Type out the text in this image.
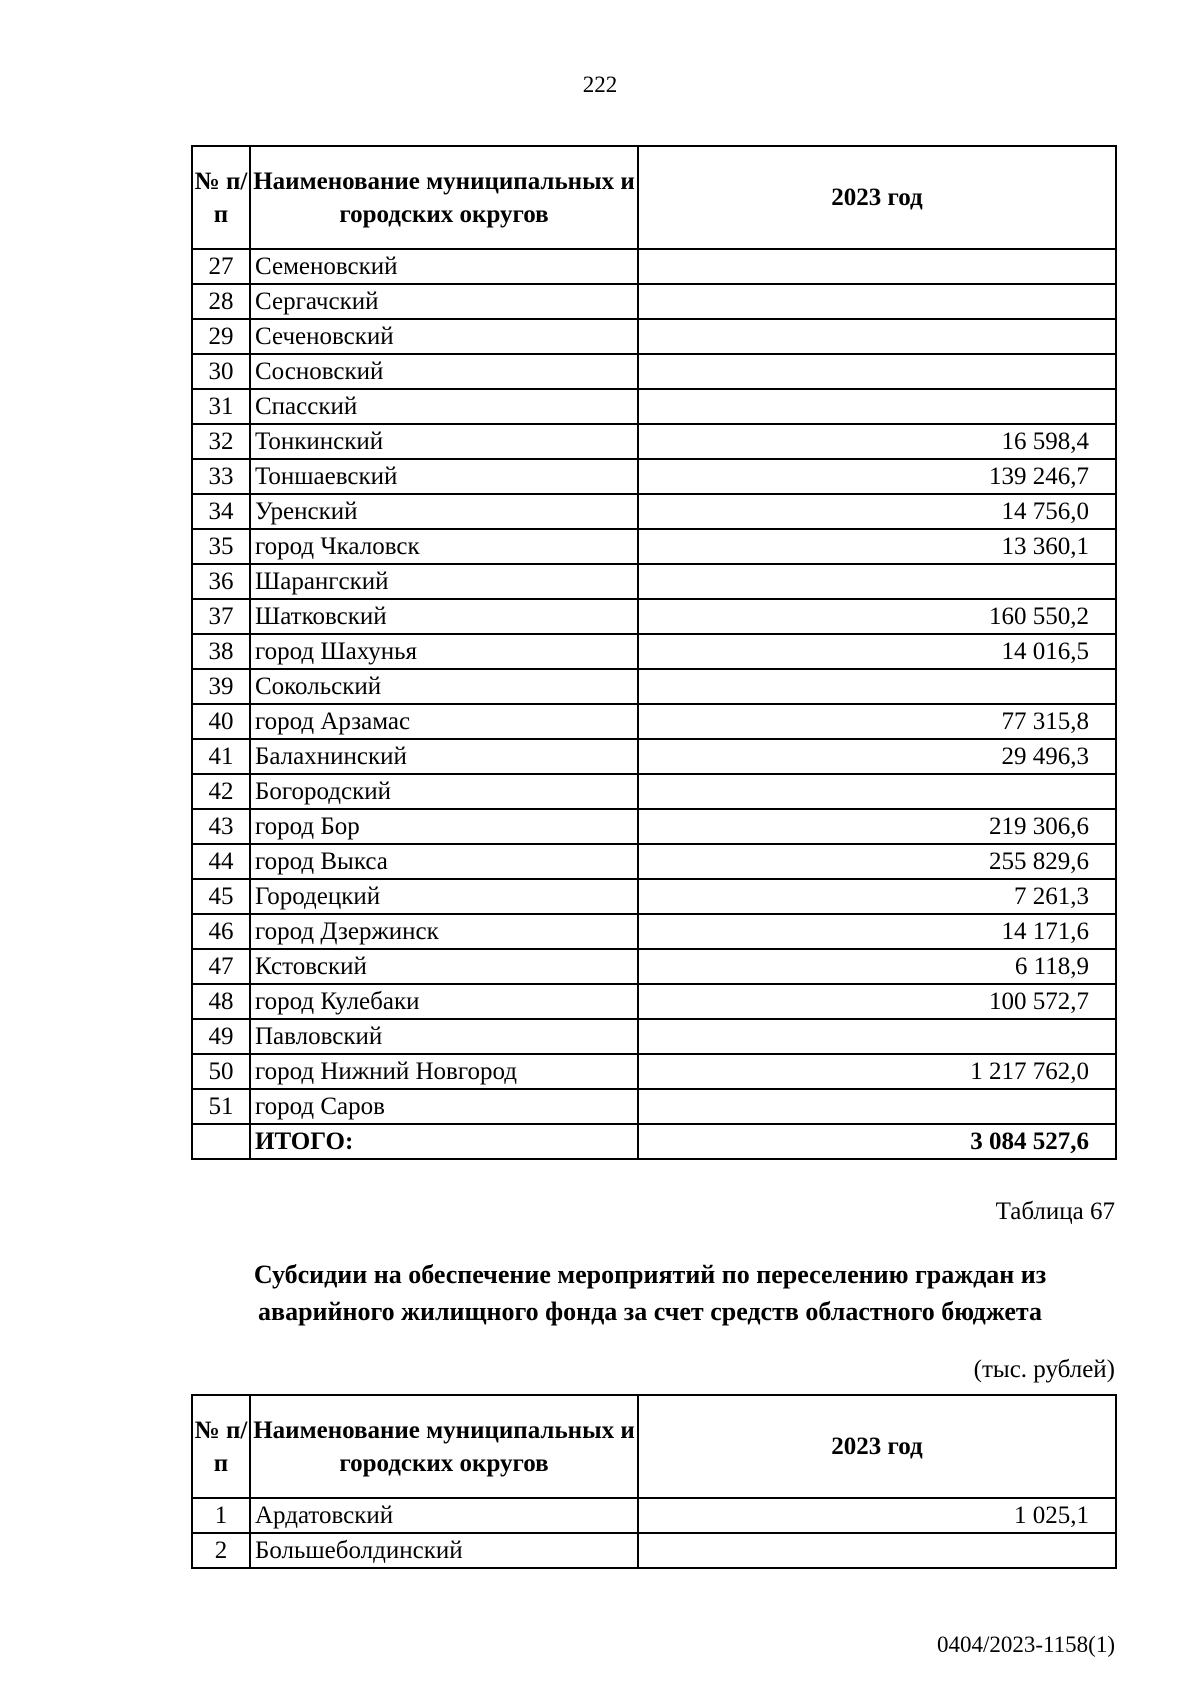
222
№ п/п	Наименование муниципальных и городских округов	2023 год
27	Семеновский	
28	Сергачский	
29	Сеченовский	
30	Сосновский	
31	Спасский	
32	Тонкинский	16 598,4
33	Тоншаевский	139 246,7
34	Уренский	14 756,0
35	город Чкаловск	13 360,1
36	Шарангский	
37	Шатковский	160 550,2
38	город Шахунья	14 016,5
39	Сокольский	
40	город Арзамас	77 315,8
41	Балахнинский	29 496,3
42	Богородский	
43	город Бор	219 306,6
44	город Выкса	255 829,6
45	Городецкий	7 261,3
46	город Дзержинск	14 171,6
47	Кстовский	6 118,9
48	город Кулебаки	100 572,7
49	Павловский	
50	город Нижний Новгород	1 217 762,0
51	город Саров	
	ИТОГО:	3 084 527,6
Таблица 67
Субсидии на обеспечение мероприятий по переселению граждан из аварийного жилищного фонда за счет средств областного бюджета
(тыс. рублей)
№ п/п	Наименование муниципальных и городских округов	2023 год
1	Ардатовский	1 025,1
2	Большеболдинский	
0404/2023-1158(1)
